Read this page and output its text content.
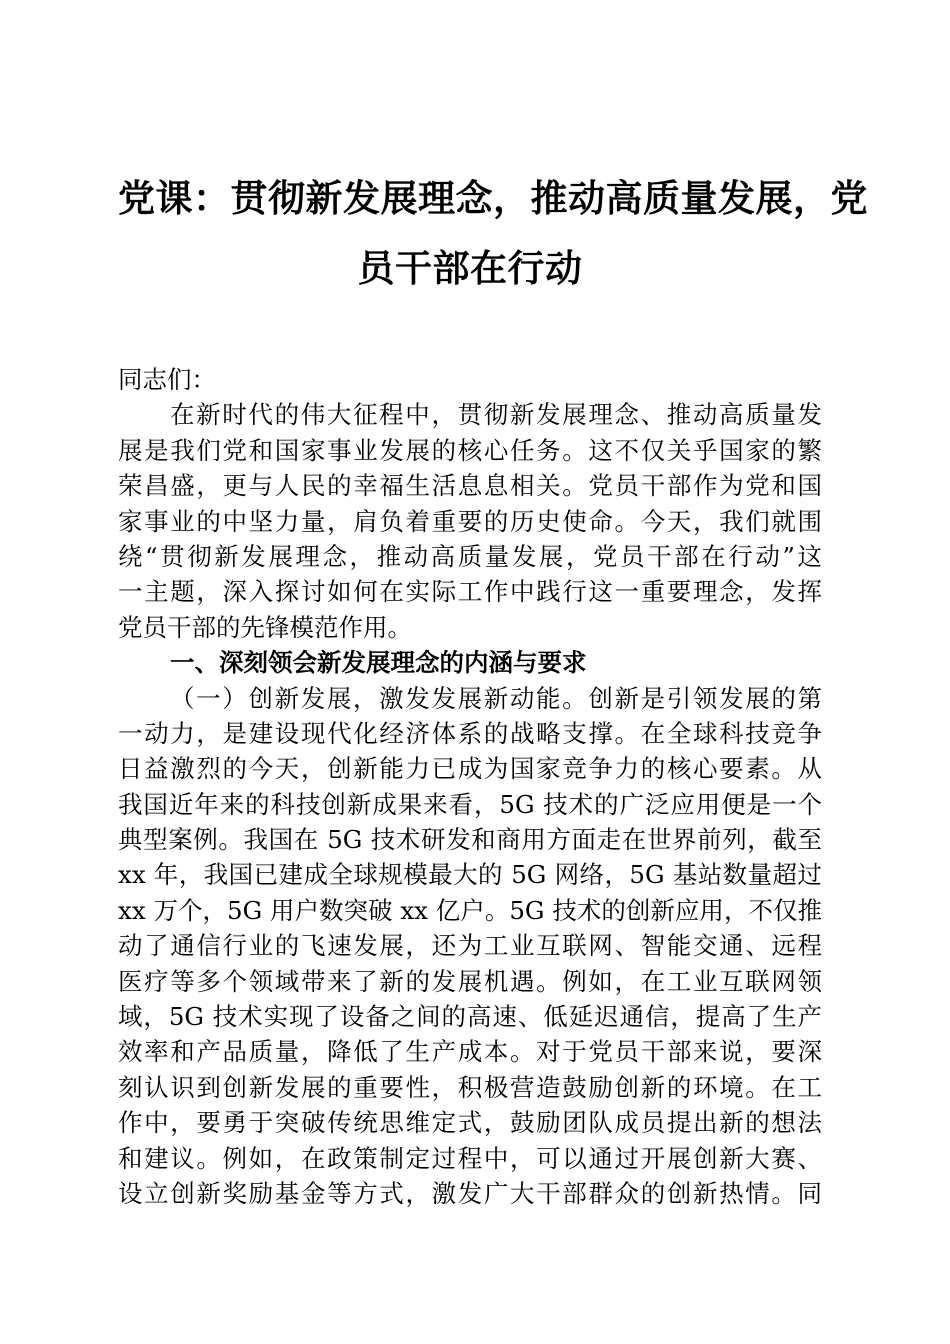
党课：贯彻新发展理念，推动高质量发展，党
员干部在行动
同志们：
在新时代的伟大征程中，贯彻新发展理念、推动高质量发
展是我们党和国家事业发展的核心任务。这不仅关乎国家的繁
荣昌盛，更与人民的幸福生活息息相关。党员干部作为党和国
家事业的中坚力量，肩负着重要的历史使命。今天，我们就围
绕“贯彻新发展理念，推动高质量发展，党员干部在行动”这
一主题，深入探讨如何在实际工作中践行这一重要理念，发挥
党员干部的先锋模范作用。
一、深刻领会新发展理念的内涵与要求
（一）创新发展，激发发展新动能。创新是引领发展的第
一动力，是建设现代化经济体系的战略支撑。在全球科技竞争
日益激烈的今天，创新能力已成为国家竞争力的核心要素。从
我国近年来的科技创新成果来看，5G 技术的广泛应用便是一个
典型案例。我国在 5G 技术研发和商用方面走在世界前列，截至
xx 年，我国已建成全球规模最大的 5G 网络，5G 基站数量超过
xx 万个，5G 用户数突破 xx 亿户。5G 技术的创新应用，不仅推
动了通信行业的飞速发展，还为工业互联网、智能交通、远程
医疗等多个领域带来了新的发展机遇。例如，在工业互联网领
域，5G 技术实现了设备之间的高速、低延迟通信，提高了生产
效率和产品质量，降低了生产成本。对于党员干部来说，要深
刻认识到创新发展的重要性，积极营造鼓励创新的环境。在工
作中，要勇于突破传统思维定式，鼓励团队成员提出新的想法
和建议。例如，在政策制定过程中，可以通过开展创新大赛、
设立创新奖励基金等方式，激发广大干部群众的创新热情。同
